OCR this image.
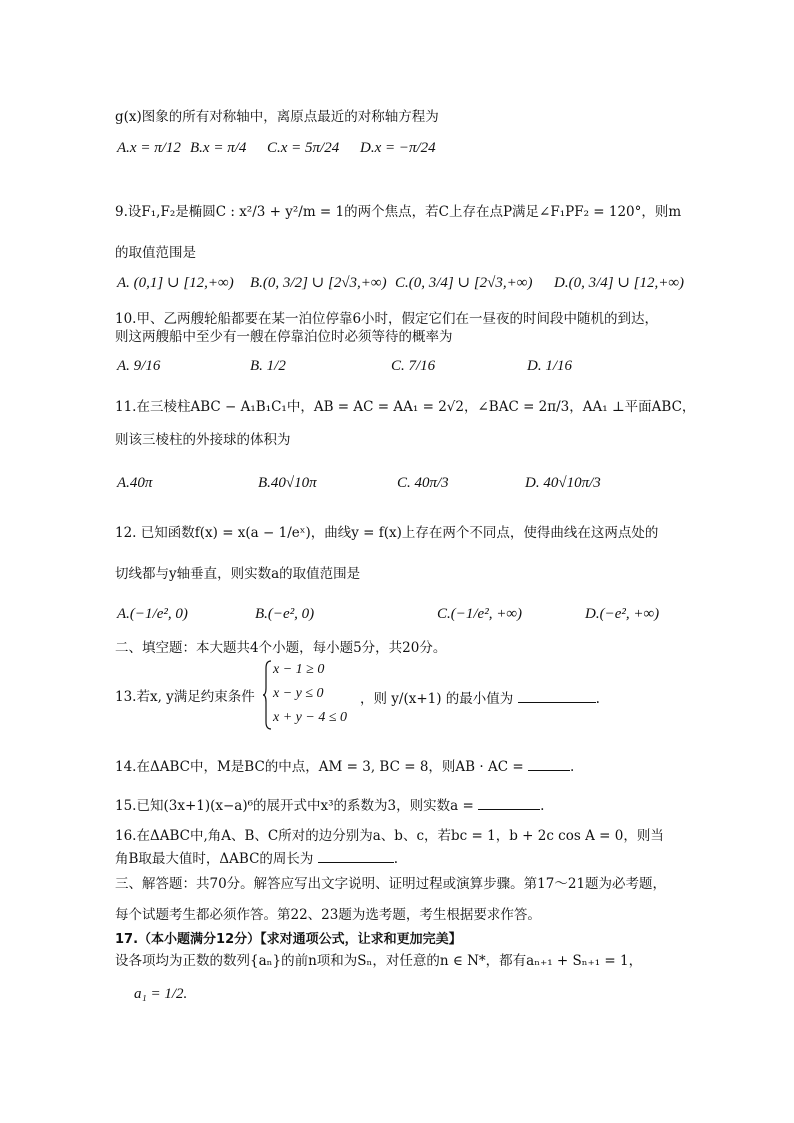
g(x)图象的所有对称轴中，离原点最近的对称轴方程为
A.x = π/12 B.x = π/4 C.x = 5π/24 D.x = −π/24
9.设F₁,F₂是椭圆C : x²/3 + y²/m = 1的两个焦点，若C上存在点P满足∠F₁PF₂ = 120°，则m
的取值范围是
A. (0,1] ∪ [12,+∞) B.(0, 3/2] ∪ [2√3,+∞) C.(0, 3/4] ∪ [2√3,+∞) D.(0, 3/4] ∪ [12,+∞)
10.甲、乙两艘轮船都要在某一泊位停靠6小时，假定它们在一昼夜的时间段中随机的到达，
则这两艘船中至少有一艘在停靠泊位时必须等待的概率为
A. 9/16	B. 1/2	C. 7/16	D. 1/16
11.在三棱柱ABC − A₁B₁C₁中，AB = AC = AA₁ = 2√2，∠BAC = 2π/3，AA₁ ⊥平面ABC，
则该三棱柱的外接球的体积为
A.40π	B.40√10π	C. 40π/3	D. 40√10π/3
12. 已知函数f(x) = x(a − 1/eˣ)，曲线y = f(x)上存在两个不同点，使得曲线在这两点处的
切线都与y轴垂直，则实数a的取值范围是
A.(−1/e², 0)	B.(−e², 0)	C.(−1/e², +∞)	D.(−e², +∞)
二、填空题：本大题共4个小题，每小题5分，共20分。
13.若x, y满足约束条件
x − 1 ≥ 0
x − y ≤ 0
x + y − 4 ≤ 0
，则 y/(x+1) 的最小值为	.
14.在ΔABC中，M是BC的中点，AM = 3, BC = 8，则AB · AC =	.
15.已知(3x+1)(x−a)⁶的展开式中x³的系数为3，则实数a =	.
16.在ΔABC中,角A、B、C所对的边分别为a、b、c，若bc = 1，b + 2c cos A = 0，则当
角B取最大值时，ΔABC的周长为	.
三、解答题：共70分。解答应写出文字说明、证明过程或演算步骤。第17～21题为必考题，
每个试题考生都必须作答。第22、23题为选考题，考生根据要求作答。
17.（本小题满分12分）【求对通项公式，让求和更加完美】
设各项均为正数的数列{aₙ}的前n项和为Sₙ，对任意的n ∈ N*，都有aₙ₊₁ + Sₙ₊₁ = 1，
a₁ = 1/2.
